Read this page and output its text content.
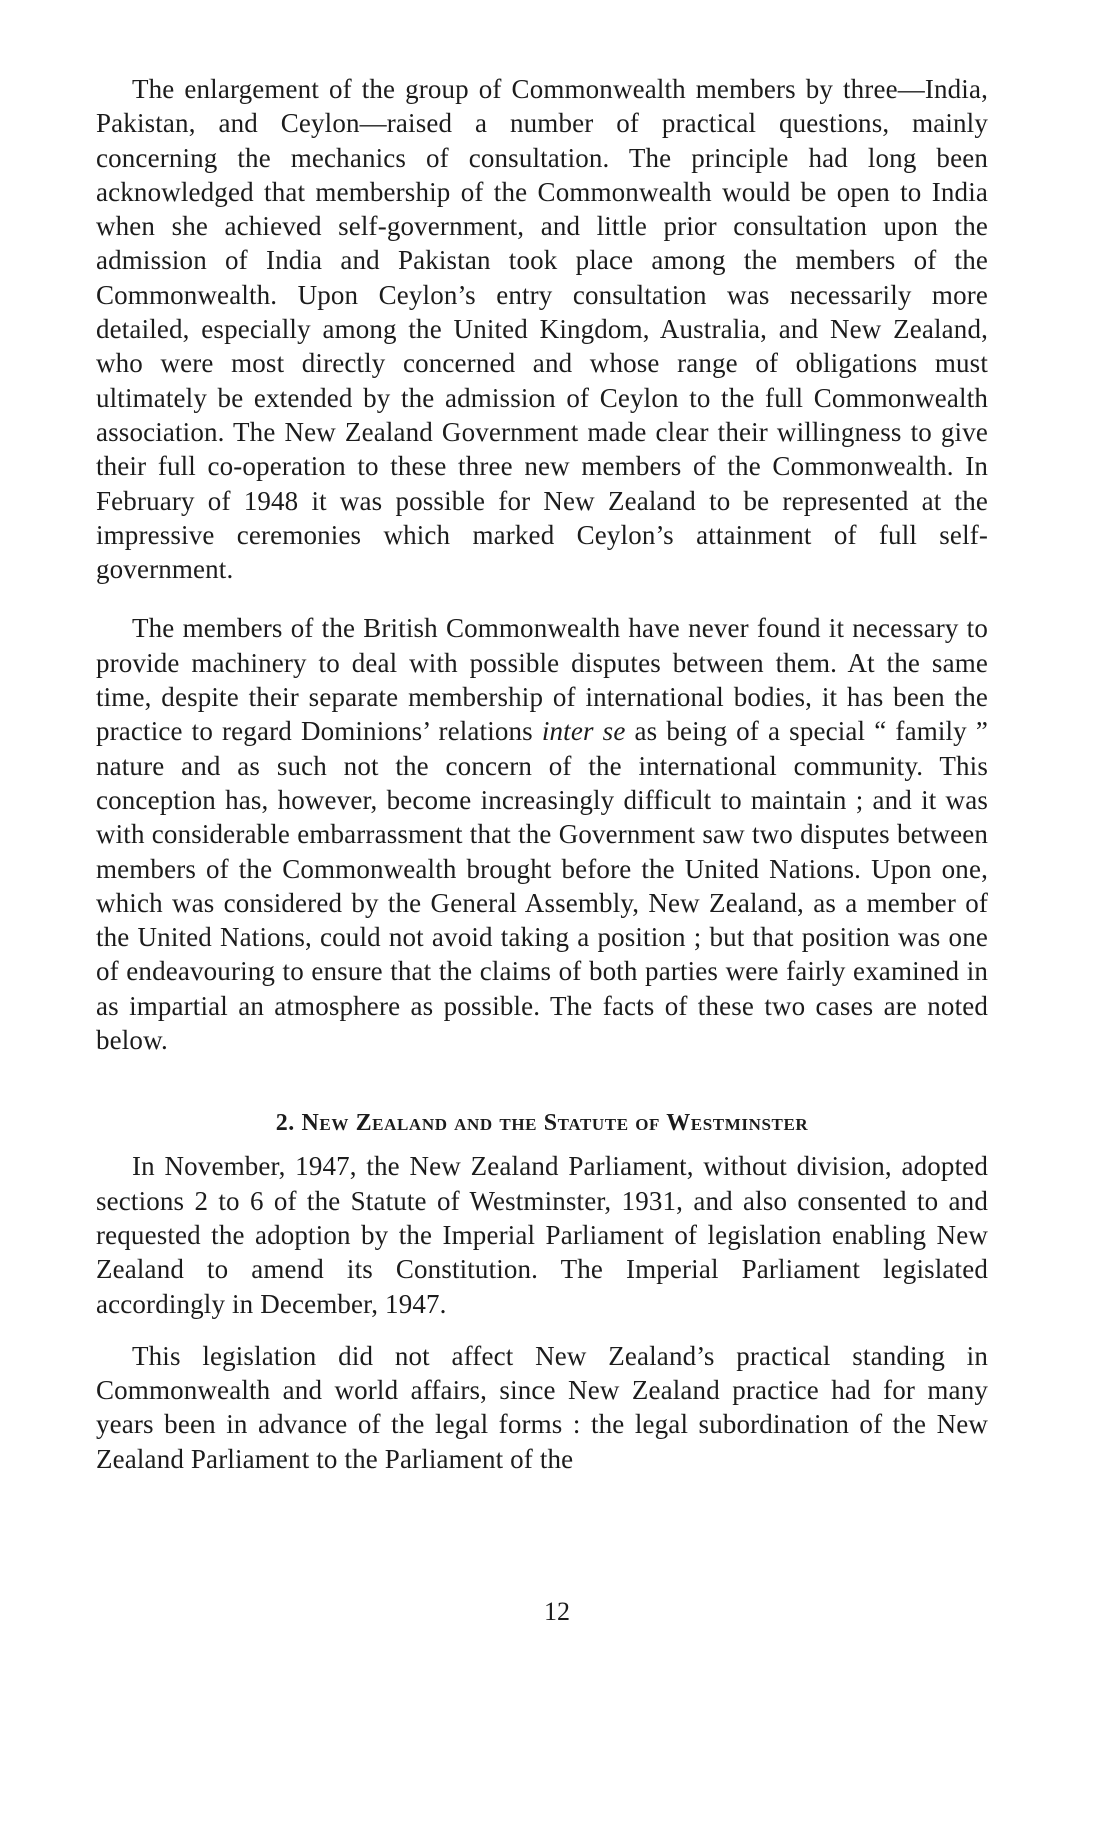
The enlargement of the group of Commonwealth members by three—India, Pakistan, and Ceylon—raised a number of practical questions, mainly concerning the mechanics of consultation. The principle had long been acknowledged that membership of the Commonwealth would be open to India when she achieved self-government, and little prior consultation upon the admission of India and Pakistan took place among the members of the Commonwealth. Upon Ceylon’s entry consultation was necessarily more detailed, especially among the United Kingdom, Australia, and New Zealand, who were most directly concerned and whose range of obligations must ultimately be extended by the admission of Ceylon to the full Commonwealth association. The New Zealand Government made clear their willingness to give their full co-operation to these three new members of the Commonwealth. In February of 1948 it was possible for New Zealand to be represented at the impressive ceremonies which marked Ceylon’s attainment of full self-government.

The members of the British Commonwealth have never found it necessary to provide machinery to deal with possible disputes between them. At the same time, despite their separate membership of international bodies, it has been the practice to regard Dominions’ relations inter se as being of a special “ family ” nature and as such not the concern of the international community. This conception has, however, become increasingly difficult to maintain ; and it was with considerable embarrassment that the Government saw two disputes between members of the Commonwealth brought before the United Nations. Upon one, which was considered by the General Assembly, New Zealand, as a member of the United Nations, could not avoid taking a position ; but that position was one of endeavouring to ensure that the claims of both parties were fairly examined in as impartial an atmosphere as possible. The facts of these two cases are noted below.

2. New Zealand and the Statute of Westminster

In November, 1947, the New Zealand Parliament, without division, adopted sections 2 to 6 of the Statute of Westminster, 1931, and also consented to and requested the adoption by the Imperial Parliament of legislation enabling New Zealand to amend its Constitution. The Imperial Parliament legislated accordingly in December, 1947.

This legislation did not affect New Zealand’s practical standing in Commonwealth and world affairs, since New Zealand practice had for many years been in advance of the legal forms : the legal subordination of the New Zealand Parliament to the Parliament of the

12
